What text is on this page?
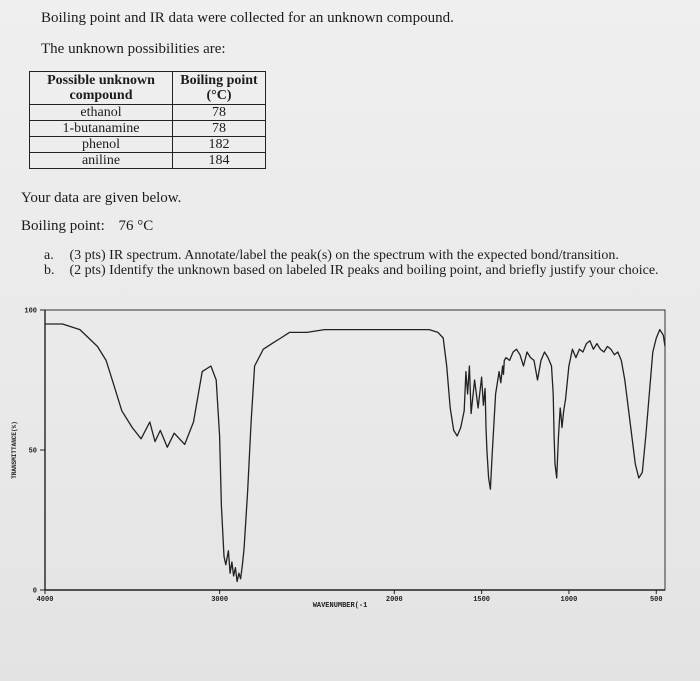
Boiling point and IR data were collected for an unknown compound.
The unknown possibilities are:
Possible unknown compound	Boiling point (°C)
ethanol	78
1-butanamine	78
phenol	182
aniline	184
Your data are given below.
Boiling point: 76 °C
a. (3 pts) IR spectrum. Annotate/label the peak(s) on the spectrum with the expected bond/transition.
b. (2 pts) Identify the unknown based on labeled IR peaks and boiling point, and briefly justify your choice.
4000	3000	2000	1500	1000	500
100
50
0
WAVENUMBER(-1
TRANSMITTANCE(%)
